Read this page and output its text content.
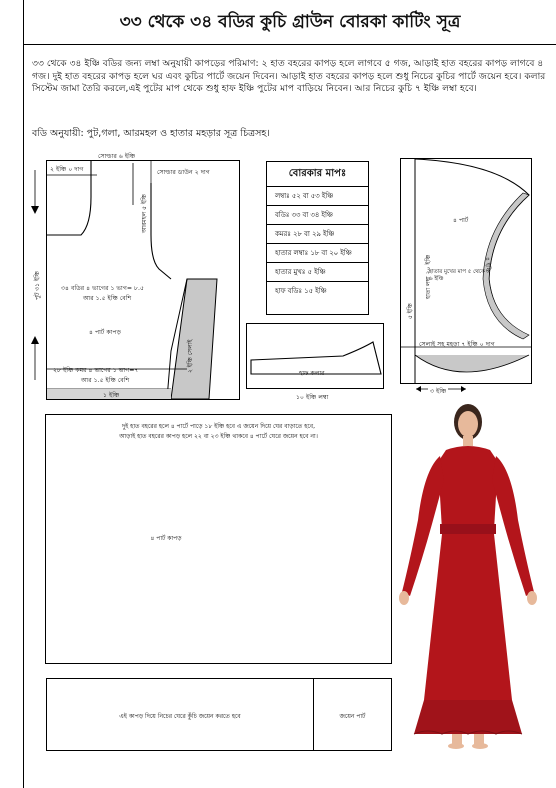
৩৩ থেকে ৩৪ বডির কুচি গ্রাউন বোরকা কাটিং সূত্র
৩৩ থেকে ৩৪ ইঞ্চি বডির জন্য লম্বা অনুযায়ী কাপড়ের পরিমাণ: ২ হাত বহরের কাপড় হলে লাগবে ৫ গজ, আড়াই হাত বহরের কাপড় লাগবে ৪ গজ। দুই হাত বহরের কাপড় হলে ঘর এবং কুচির পার্টে জয়েন দিবেন। আড়াই হাত বহরের কাপড় হলে শুধু নিচের কুচির পার্টে জয়েন হবে। কলার সিস্টেম জামা তৈরি করলে,এই পুটের মাপ থেকে শুধু হাফ ইঞ্চি পুটের মাপ বাড়িয়ে নিবেন। আর নিচের কুচি ৭ ইঞ্চি লম্বা হবে।
বডি অনুযায়ী: পুট,গলা, আরমহল ও হাতার মহড়ার সূত্র চিত্রসহ।
সোল্ডার ৬ ইঞ্চি
২ ইঞ্চি ০ দাগ	সোল্ডার ডাউন ২ দাগ
আরমহল ৫ ইঞ্চি
৩৪ বডির ৪ ভাগের ১ ভাগ= ৮.৫
আর ১.৫ ইঞ্চি বেশি
৪ পার্ট কাপড়
২৮ ইঞ্চি কমর ৪ ভাগের ১ ভাগ=৭
আর ১.৫ ইঞ্চি বেশি
১ ইঞ্চি
২ ইঞ্চি সেলাই
পুট ৩১ ইঞ্চি
বোরকার মাপঃ
লম্বাঃ ৫২ বা ৫৩ ইঞ্চি
বডিঃ ৩৩ বা ৩৪ ইঞ্চি
কমরঃ ২৮ বা ২৯ ইঞ্চি
হাতার লম্বাঃ ১৮ বা ২০ ইঞ্চি
হাতার মুখঃ ৫ ইঞ্চি
হাফ বডিঃ ১৫ ইঞ্চি
হাফ কলার
১০ ইঞ্চি লম্বা
৪ পার্ট
হাতা লম্বা ২০ ইঞ্চি
হাতার মুখের মাপ ৫ থেকে ৬ ইঞ্চি
৪ ইঞ্চি
৫ ইঞ্চি
সেলাই সহ মহড়া ৭ ইঞ্চি ০ দাগ
৩ ইঞ্চি
দুই হাত বহরের হলে ৪ পার্টে পাড়ে ১৮ ইঞ্চি হবে এ জয়েন দিয়ে ঘের বাড়াতে হবে,
আড়াই হাত বহরের কাপড় হলে ২২ বা ২৩ ইঞ্চি থাকবে ৪ পার্টে ঘেরে জয়েন হবে না।
৪ পার্ট কাপড়
এই কাপড় দিয়ে নিচের ঘেরে কুঁচি জয়েন করতে হবে	জয়েন পার্ট
